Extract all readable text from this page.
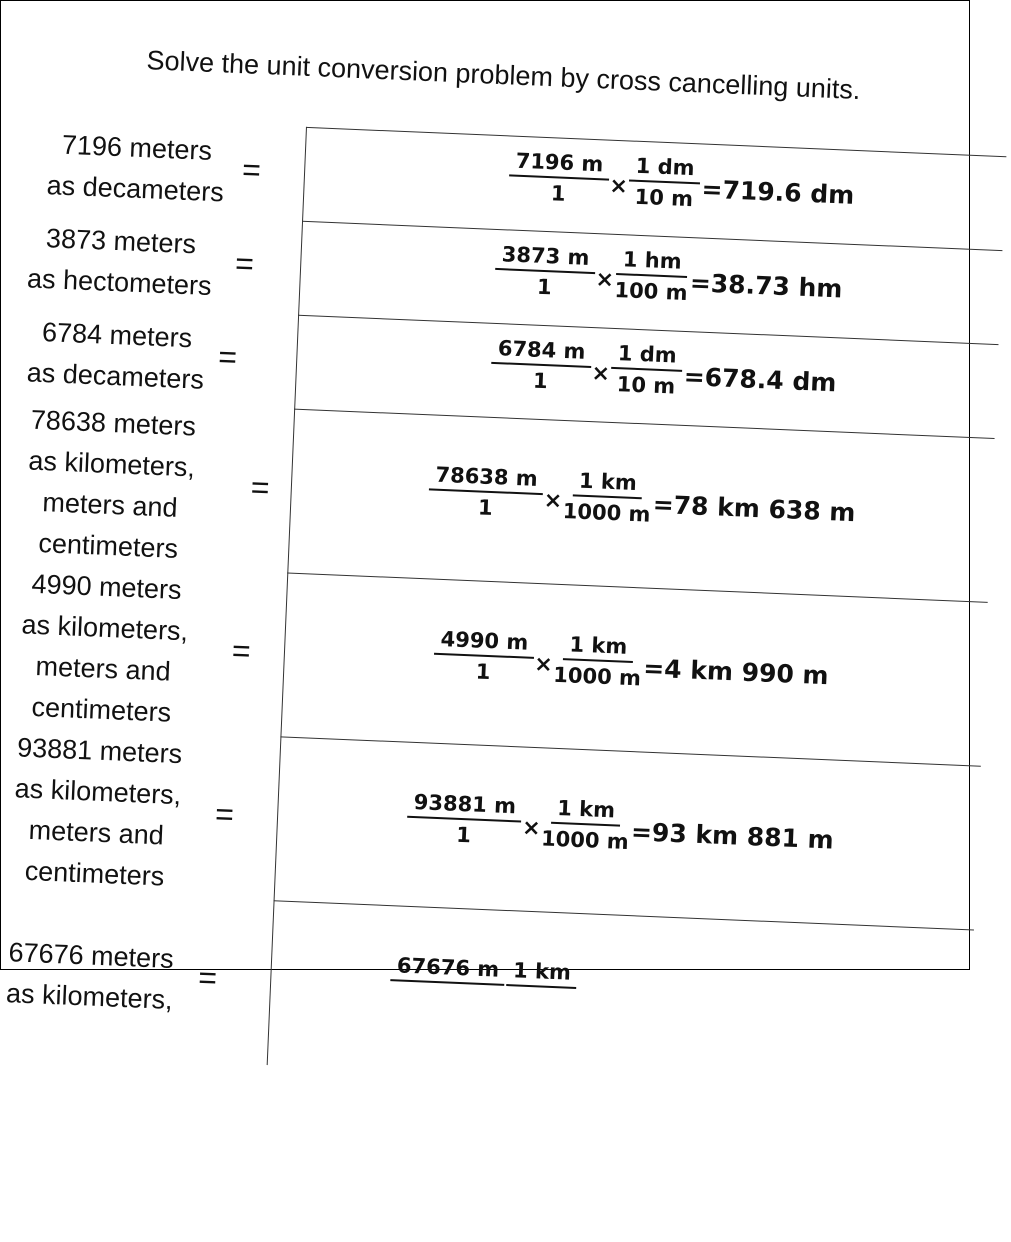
Solve the unit conversion problem by cross cancelling units.
7196 meters
as decameters
=	$\frac{7196 m}{1} \times \frac{1 dm}{10 m} =719.6$ dm
3873 meters
as hectometers =	$\frac{3873 m}{1} \times \frac{1 hm}{100 m} =38.73$ hm
6784 meters
as decameters
=	$\frac{6784 m}{1} \times \frac{1 dm}{10 m} =678.4$ dm
78638 meters
as kilometers,
meters and
centimeters
=	$\frac{78638 m}{1} \times \frac{1 km}{1000 m} =78$ km 638 m
4990 meters
as kilometers,
meters and
centimeters
=	$\frac{4990 m}{1} \times \frac{1 km}{1000 m} =4$ km 990 m
93881 meters
as kilometers,
meters and
centimeters
=	$\frac{93881 m}{1} \times \frac{1 km}{1000 m} =93$ km 881 m
67676 meters
as kilometers,
=	67676 m 1 km
